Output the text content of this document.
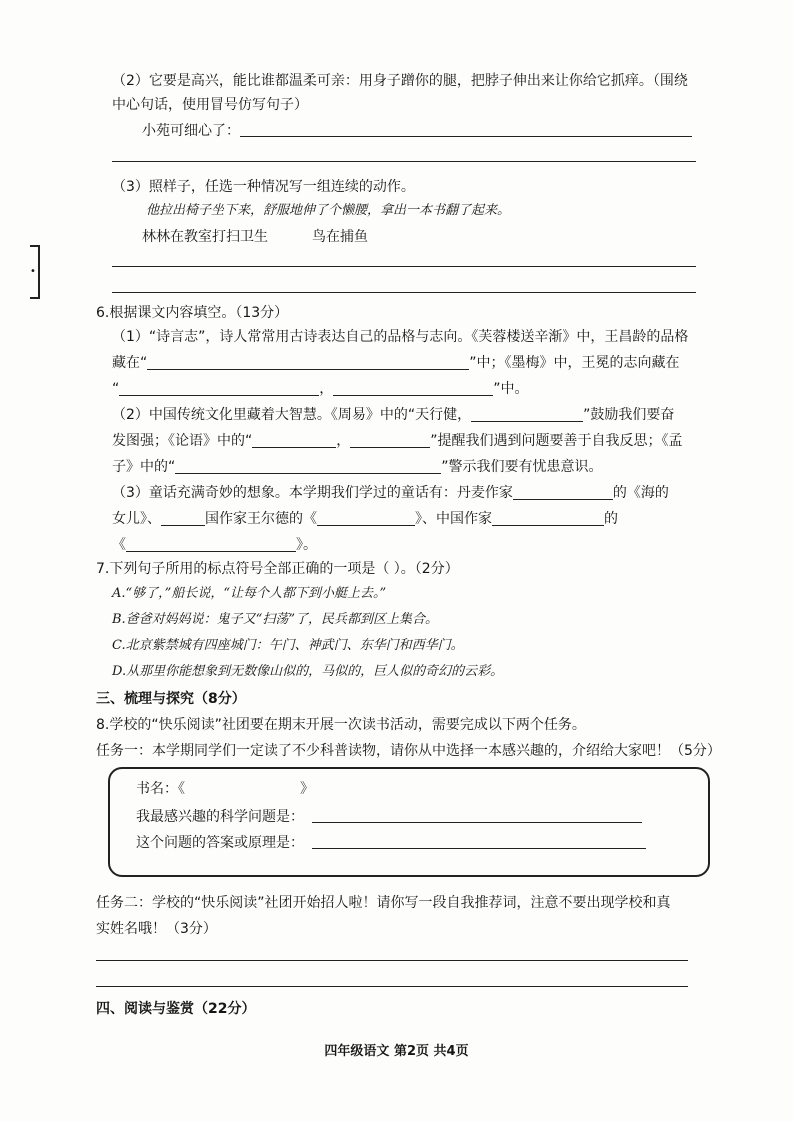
•
（2）它要是高兴，能比谁都温柔可亲：用身子蹭你的腿，把脖子伸出来让你给它抓痒。（围绕
中心句话，使用冒号仿写句子）
小苑可细心了：
（3）照样子，任选一种情况写一组连续的动作。
他拉出椅子坐下来，舒服地伸了个懒腰，拿出一本书翻了起来。
林林在教室打扫卫生	鸟在捕鱼
6.根据课文内容填空。（13分）
（1）“诗言志”，诗人常常用古诗表达自己的品格与志向。《芙蓉楼送辛渐》中，王昌龄的品格
藏在“	”中；《墨梅》中，王冕的志向藏在
“	，	”中。
（2）中国传统文化里藏着大智慧。《周易》中的“天行健，	”鼓励我们要奋
发图强；《论语》中的“	，	”提醒我们遇到问题要善于自我反思；《孟
子》中的“	”警示我们要有忧患意识。
（3）童话充满奇妙的想象。本学期我们学过的童话有：丹麦作家	的《海的
女儿》、	国作家王尔德的《	》、中国作家	的
《	》。
7.下列句子所用的标点符号全部正确的一项是（ ）。（2分）
A.“够了，”船长说，“让每个人都下到小艇上去。”
B.爸爸对妈妈说：鬼子又“扫荡”了，民兵都到区上集合。
C.北京紫禁城有四座城门：午门、神武门、东华门和西华门。
D.从那里你能想象到无数像山似的，马似的，巨人似的奇幻的云彩。
三、梳理与探究（8分）
8.学校的“快乐阅读”社团要在期末开展一次读书活动，需要完成以下两个任务。
任务一：本学期同学们一定读了不少科普读物，请你从中选择一本感兴趣的，介绍给大家吧！（5分）
书名：《	》
我最感兴趣的科学问题是：
这个问题的答案或原理是：
任务二：学校的“快乐阅读”社团开始招人啦！请你写一段自我推荐词，注意不要出现学校和真
实姓名哦！（3分）
四、阅读与鉴赏（22分）
四年级语文 第2页 共4页
